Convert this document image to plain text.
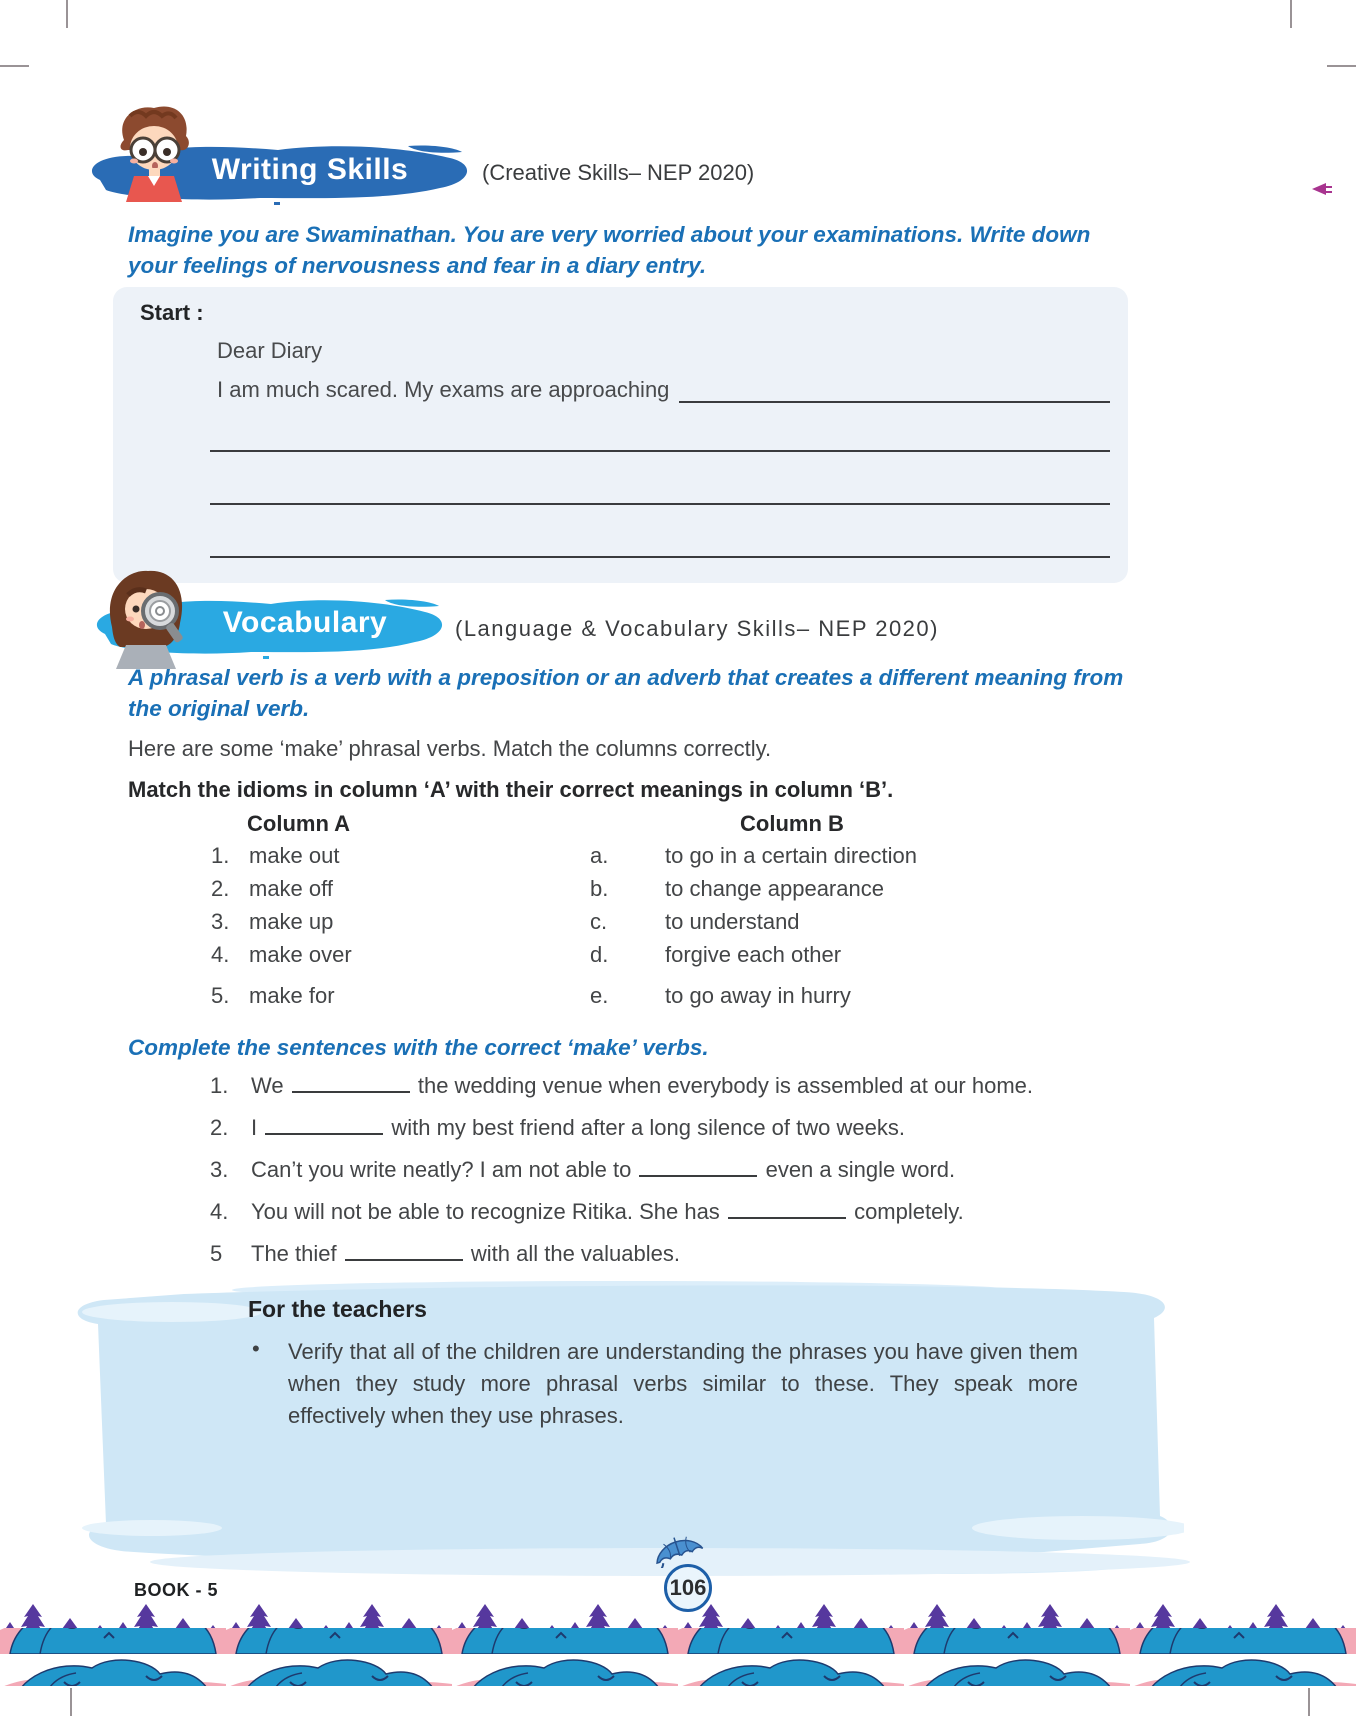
Writing Skills	(Creative Skills– NEP 2020)
Imagine you are Swaminathan. You are very worried about your examinations. Write down your feelings of nervousness and fear in a diary entry.
Start :
Dear Diary
I am much scared. My exams are approaching
Vocabulary	(Language & Vocabulary Skills– NEP 2020)
A phrasal verb is a verb with a preposition or an adverb that creates a different meaning from the original verb.
Here are some ‘make’ phrasal verbs. Match the columns correctly.
Match the idioms in column ‘A’ with their correct meanings in column ‘B’.
Column A	Column B
1. make out	a.	to go in a certain direction
2. make off	b.	to change appearance
3. make up	c.	to understand
4. make over	d.	forgive each other
5. make for	e.	to go away in hurry
Complete the sentences with the correct ‘make’ verbs.
1.	We	the wedding venue when everybody is assembled at our home.
2.	I	with my best friend after a long silence of two weeks.
3.	Can’t you write neatly? I am not able to	even a single word.
4.	You will not be able to recognize Ritika. She has	completely.
5	The thief	with all the valuables.
For the teachers
• Verify that all of the children are understanding the phrases you have given them when they study more phrasal verbs similar to these. They speak more effectively when they use phrases.
106
BOOK - 5
